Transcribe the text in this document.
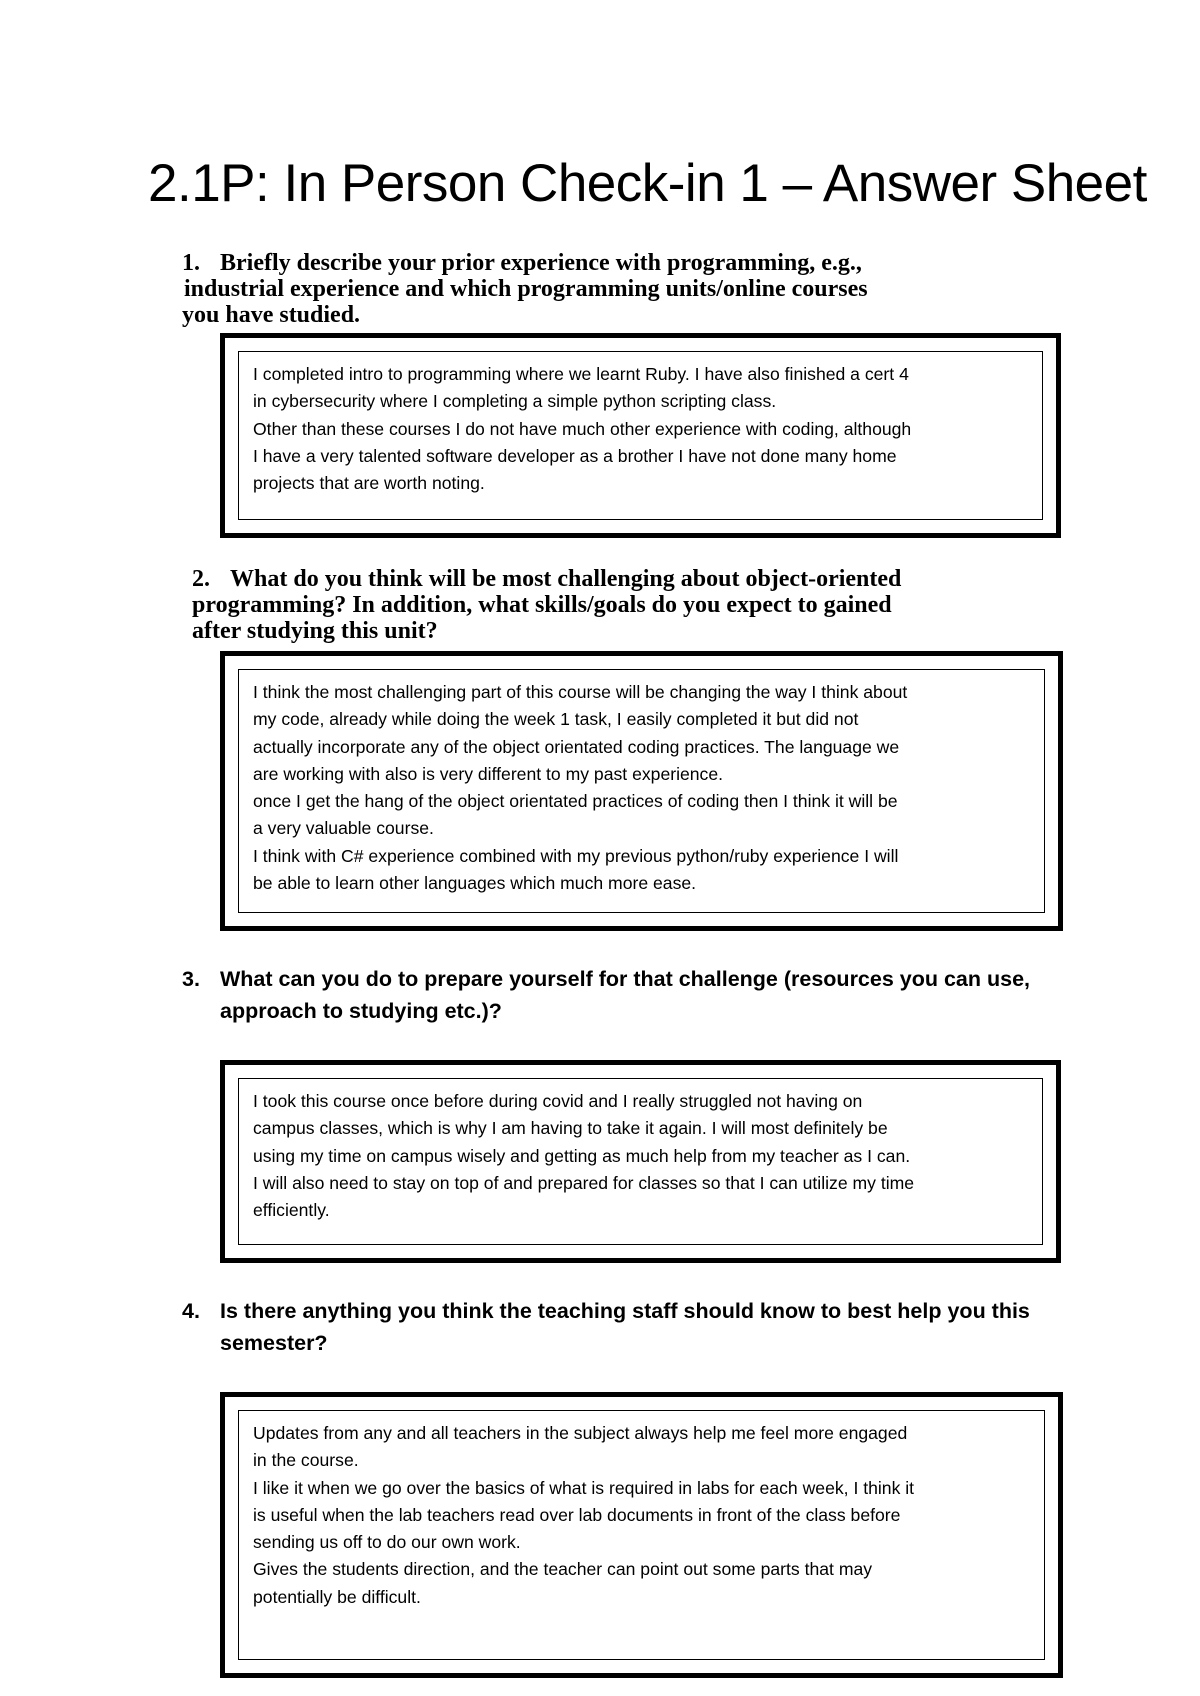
2.1P: In Person Check-in 1 – Answer Sheet
1. Briefly describe your prior experience with programming, e.g.,
industrial experience and which programming units/online courses
you have studied.
I completed intro to programming where we learnt Ruby. I have also finished a cert 4
in cybersecurity where I completing a simple python scripting class.
Other than these courses I do not have much other experience with coding, although
I have a very talented software developer as a brother I have not done many home
projects that are worth noting.
2. What do you think will be most challenging about object-oriented
programming? In addition, what skills/goals do you expect to gained
after studying this unit?
I think the most challenging part of this course will be changing the way I think about
my code, already while doing the week 1 task, I easily completed it but did not
actually incorporate any of the object orientated coding practices. The language we
are working with also is very different to my past experience.
once I get the hang of the object orientated practices of coding then I think it will be
a very valuable course.
I think with C# experience combined with my previous python/ruby experience I will
be able to learn other languages which much more ease.
3. What can you do to prepare yourself for that challenge (resources you can use,
approach to studying etc.)?
I took this course once before during covid and I really struggled not having on
campus classes, which is why I am having to take it again. I will most definitely be
using my time on campus wisely and getting as much help from my teacher as I can.
I will also need to stay on top of and prepared for classes so that I can utilize my time
efficiently.
4. Is there anything you think the teaching staff should know to best help you this
semester?
Updates from any and all teachers in the subject always help me feel more engaged
in the course.
I like it when we go over the basics of what is required in labs for each week, I think it
is useful when the lab teachers read over lab documents in front of the class before
sending us off to do our own work.
Gives the students direction, and the teacher can point out some parts that may
potentially be difficult.
